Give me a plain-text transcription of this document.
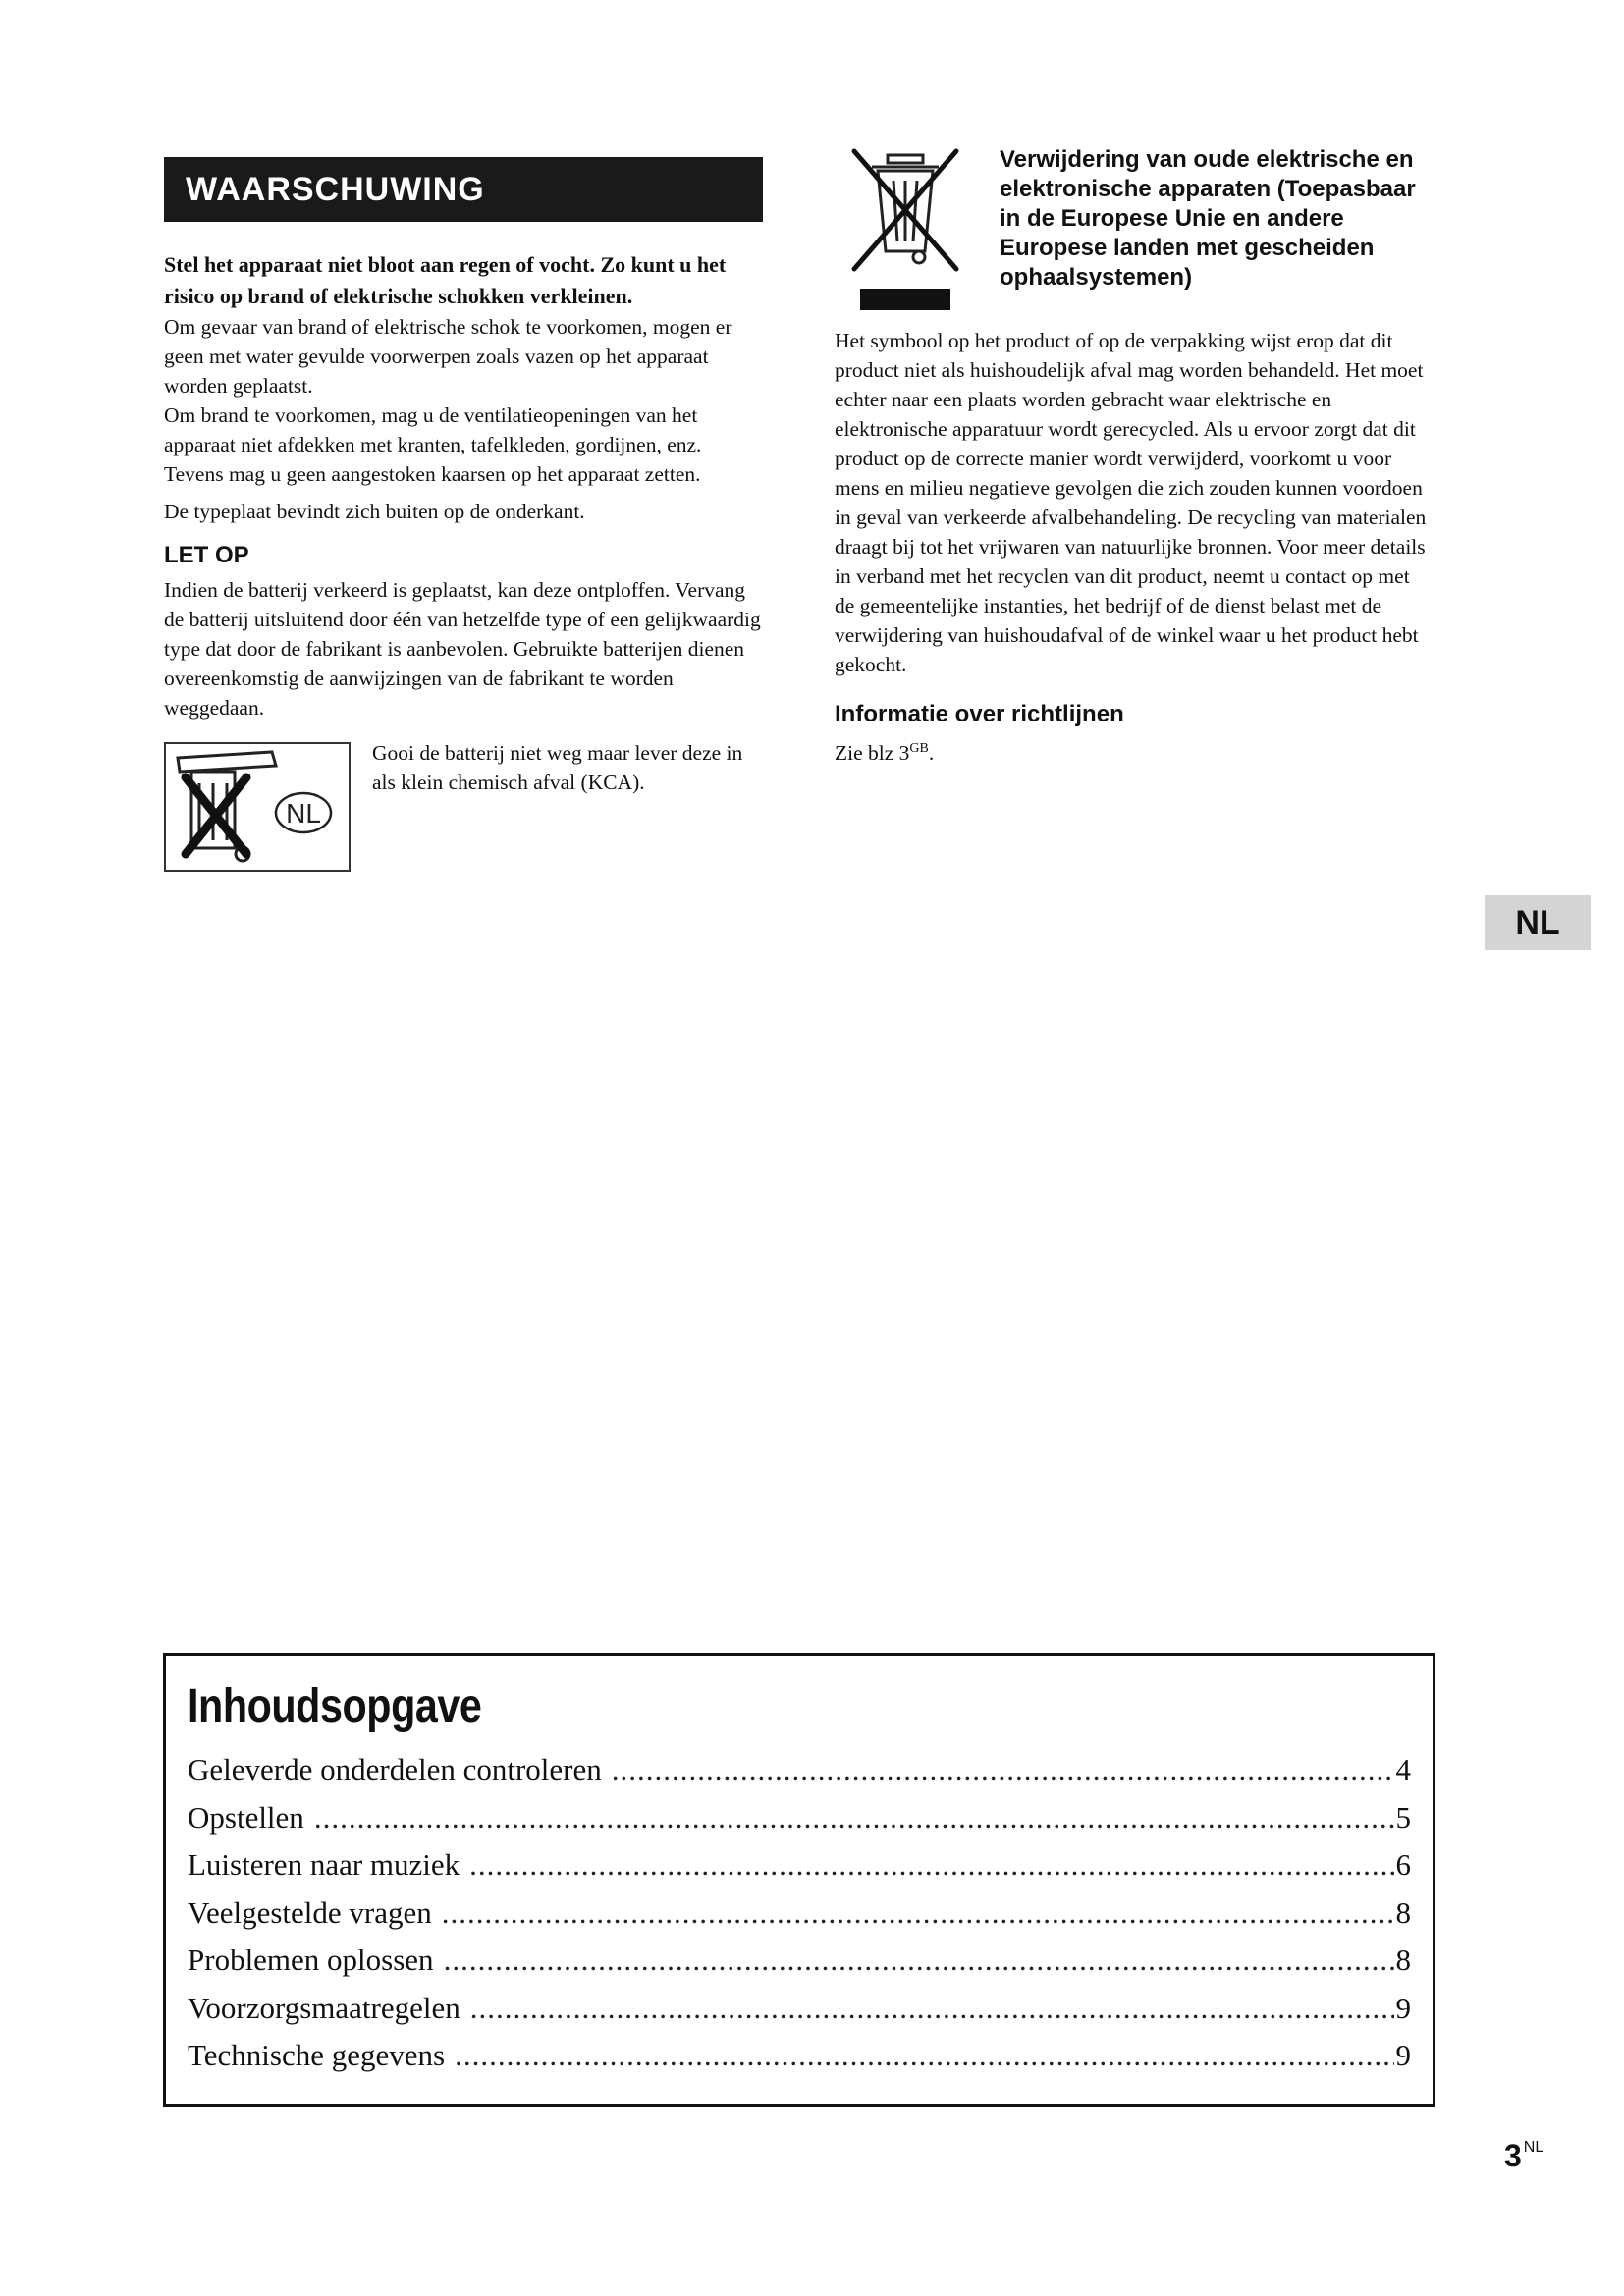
WAARSCHUWING

Stel het apparaat niet bloot aan regen of vocht. Zo kunt u het risico op brand of elektrische schokken verkleinen.

Om gevaar van brand of elektrische schok te voorkomen, mogen er geen met water gevulde voorwerpen zoals vazen op het apparaat worden geplaatst.

Om brand te voorkomen, mag u de ventilatieopeningen van het apparaat niet afdekken met kranten, tafelkleden, gordijnen, enz. Tevens mag u geen aangestoken kaarsen op het apparaat zetten.

De typeplaat bevindt zich buiten op de onderkant.

LET OP

Indien de batterij verkeerd is geplaatst, kan deze ontploffen. Vervang de batterij uitsluitend door één van hetzelfde type of een gelijkwaardig type dat door de fabrikant is aanbevolen. Gebruikte batterijen dienen overeenkomstig de aanwijzingen van de fabrikant te worden weggedaan.

NL

Gooi de batterij niet weg maar lever deze in als klein chemisch afval (KCA).

Verwijdering van oude elektrische en elektronische apparaten (Toepasbaar in de Europese Unie en andere Europese landen met gescheiden ophaalsystemen)

Het symbool op het product of op de verpakking wijst erop dat dit product niet als huishoudelijk afval mag worden behandeld. Het moet echter naar een plaats worden gebracht waar elektrische en elektronische apparatuur wordt gerecycled. Als u ervoor zorgt dat dit product op de correcte manier wordt verwijderd, voorkomt u voor mens en milieu negatieve gevolgen die zich zouden kunnen voordoen in geval van verkeerde afvalbehandeling. De recycling van materialen draagt bij tot het vrijwaren van natuurlijke bronnen. Voor meer details in verband met het recyclen van dit product, neemt u contact op met de gemeentelijke instanties, het bedrijf of de dienst belast met de verwijdering van huishoudafval of de winkel waar u het product hebt gekocht.

Informatie over richtlijnen

Zie blz $3^{GB}$.

NL
Inhoudsopgave
Geleverde onderdelen controleren .....	4
Opstellen .....	5
Luisteren naar muziek .....	6
Veelgestelde vragen .....	8
Problemen oplossen .....	8
Voorzorgsmaatregelen .....	9
Technische gegevens .....	9
3 NL
